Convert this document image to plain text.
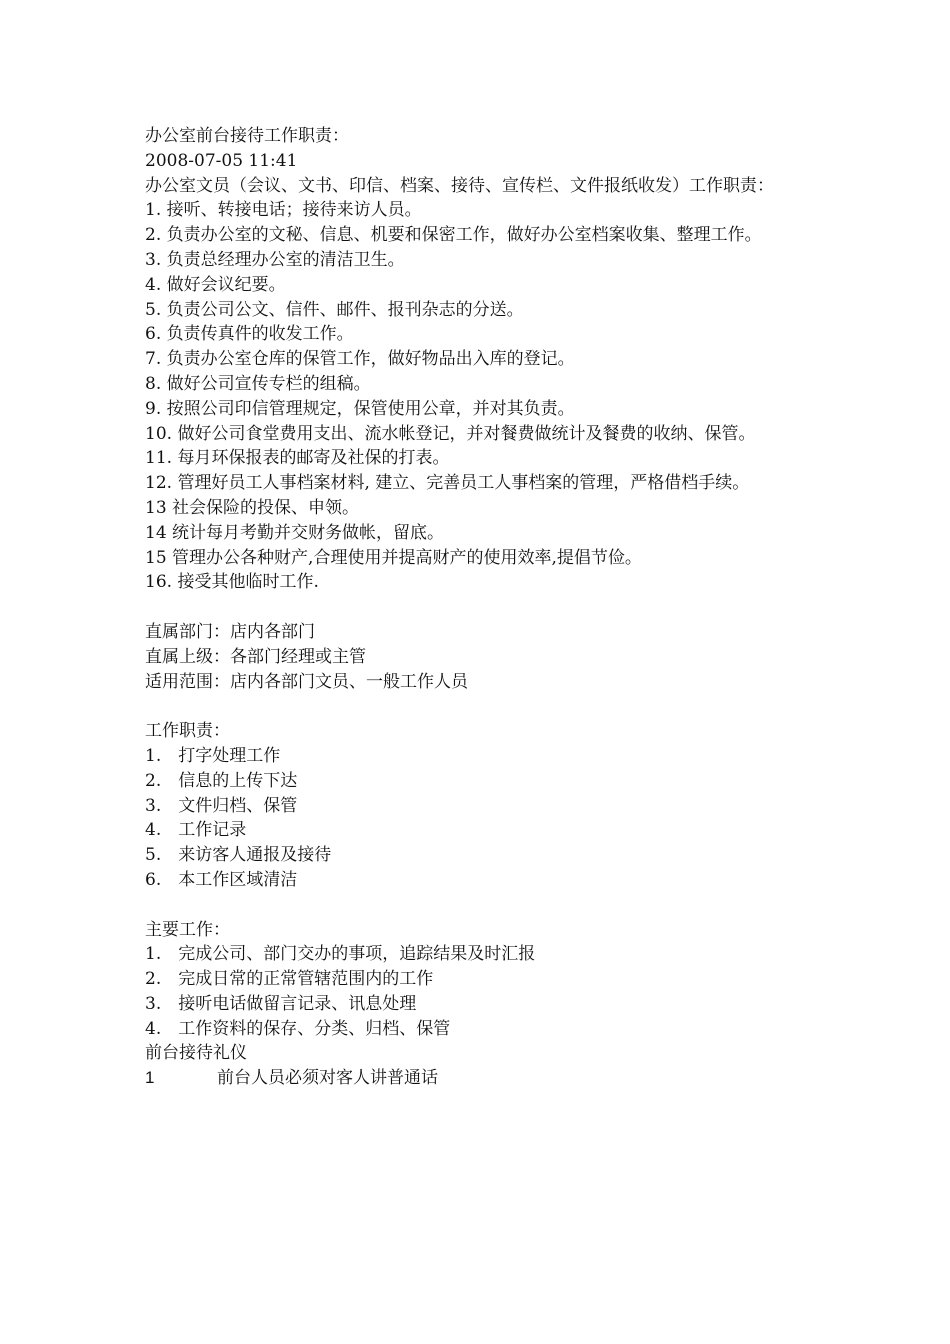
办公室前台接待工作职责：
2008-07-05 11:41
办公室文员（会议、文书、印信、档案、接待、宣传栏、文件报纸收发）工作职责：
1. 接听、转接电话；接待来访人员。
2. 负责办公室的文秘、信息、机要和保密工作，做好办公室档案收集、整理工作。
3. 负责总经理办公室的清洁卫生。
4. 做好会议纪要。
5. 负责公司公文、信件、邮件、报刊杂志的分送。
6. 负责传真件的收发工作。
7. 负责办公室仓库的保管工作，做好物品出入库的登记。
8. 做好公司宣传专栏的组稿。
9. 按照公司印信管理规定，保管使用公章，并对其负责。
10. 做好公司食堂费用支出、流水帐登记，并对餐费做统计及餐费的收纳、保管。
11. 每月环保报表的邮寄及社保的打表。
12. 管理好员工人事档案材料, 建立、完善员工人事档案的管理，严格借档手续。
13 社会保险的投保、申领。
14 统计每月考勤并交财务做帐，留底。
15 管理办公各种财产,合理使用并提高财产的使用效率,提倡节俭。
16. 接受其他临时工作.
直属部门：店内各部门
直属上级：各部门经理或主管
适用范围：店内各部门文员、一般工作人员
工作职责：
1.　打字处理工作
2.　信息的上传下达
3.　文件归档、保管
4.　工作记录
5.　来访客人通报及接待
6.　本工作区域清洁
主要工作：
1.　完成公司、部门交办的事项，追踪结果及时汇报
2.　完成日常的正常管辖范围内的工作
3.　接听电话做留言记录、讯息处理
4.　工作资料的保存、分类、归档、保管
前台接待礼仪
1	前台人员必须对客人讲普通话
